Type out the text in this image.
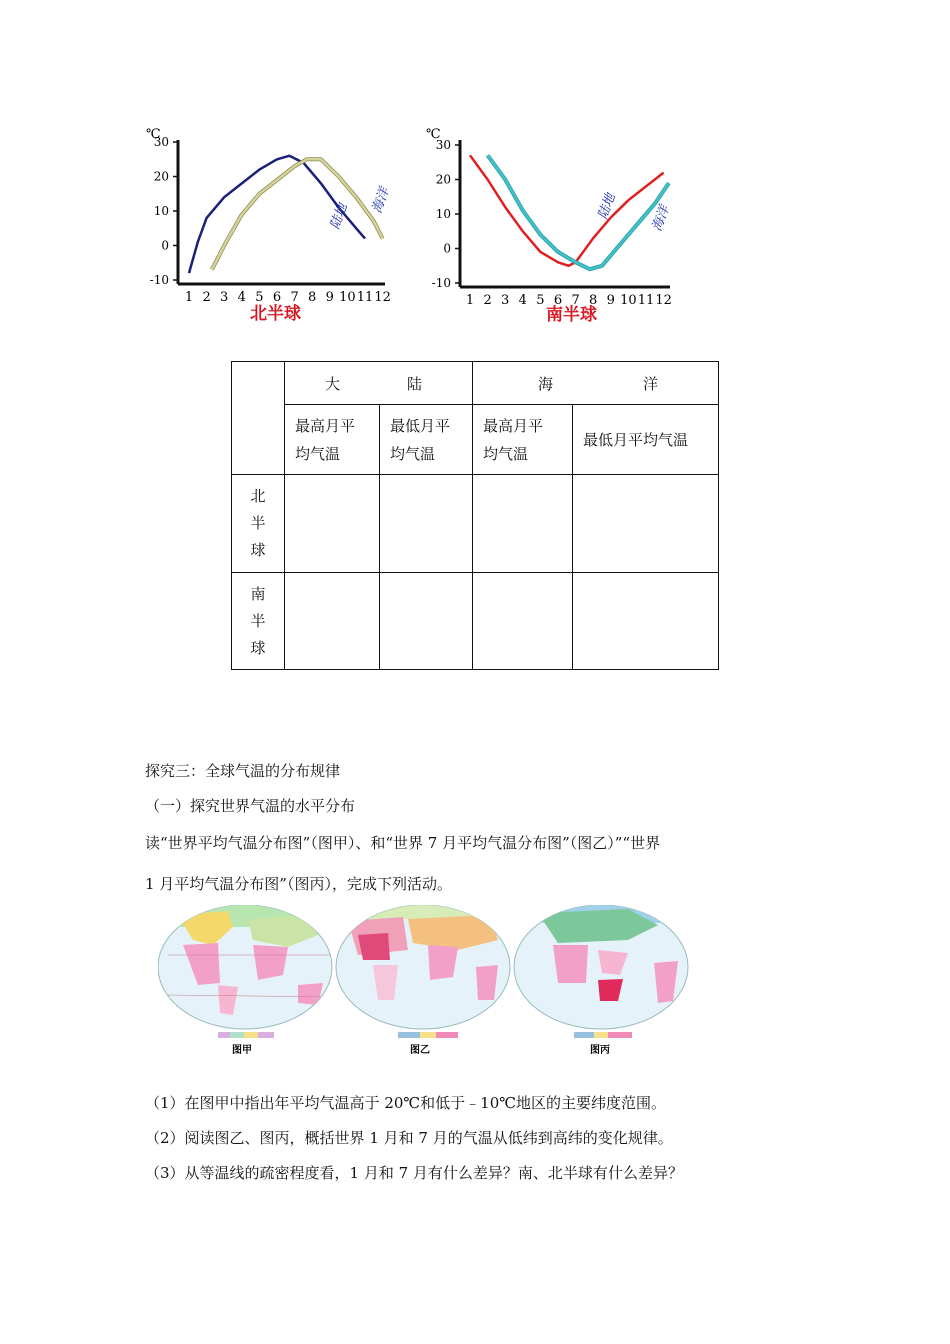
℃
30
20
10
0
-10
1 2 3 4 5 6 7 8 9 10 11 12
陆地
海洋
北半球
℃
30
20
10
0
-10
1 2 3 4 5 6 7 8 9 10 11 12
陆地 海洋
南半球

	大 陆		海 洋	

	最高月平均气温	最低月平均气温	最高月平均气温	最低月平均气温

北
半
球				

南
半
球				

探究三：全球气温的分布规律
（一）探究世界气温的水平分布
读“世界平均气温分布图”（图甲）、和“世界 7 月平均气温分布图”（图乙）”“世界
1 月平均气温分布图”（图丙），完成下列活动。
图甲	图乙	图丙
（1）在图甲中指出年平均气温高于 20℃和低于﹣10℃地区的主要纬度范围。
（2）阅读图乙、图丙，概括世界 1 月和 7 月的气温从低纬到高纬的变化规律。
（3）从等温线的疏密程度看，1 月和 7 月有什么差异？南、北半球有什么差异？
